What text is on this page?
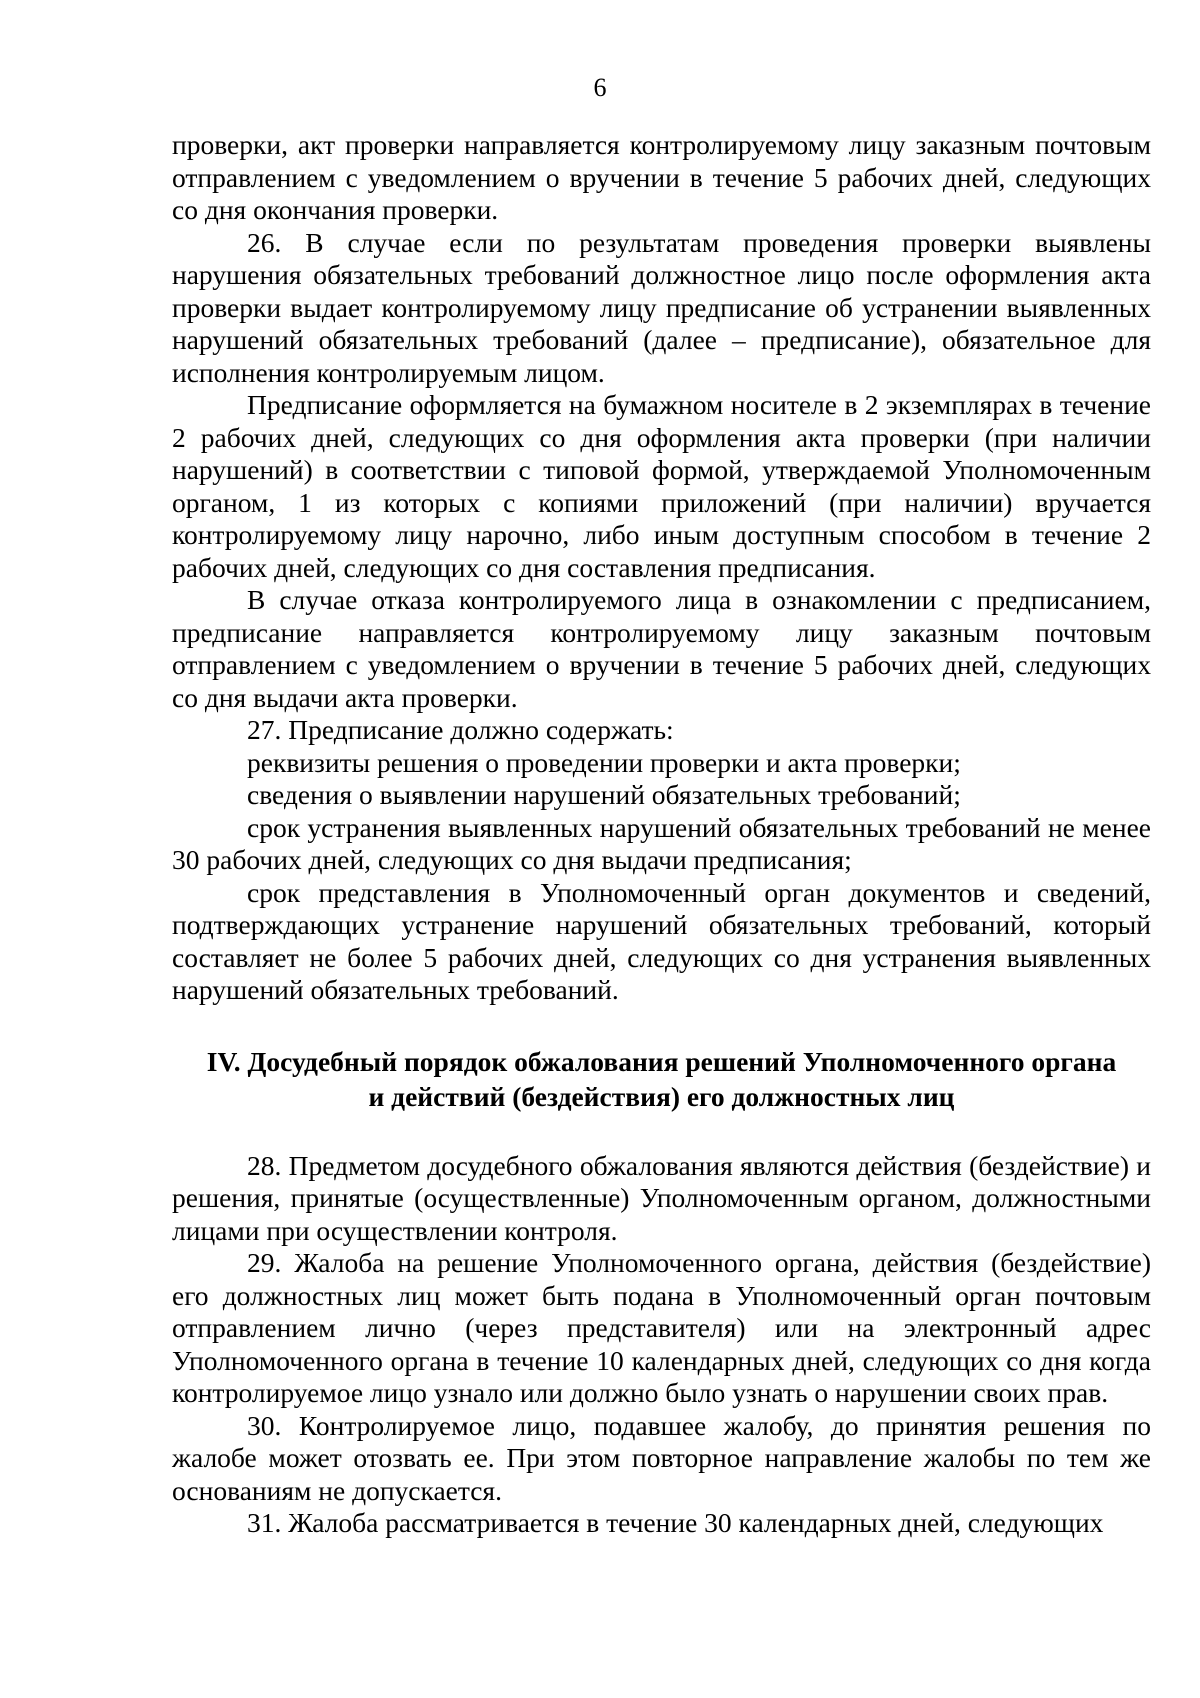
6

проверки, акт проверки направляется контролируемому лицу заказным почтовым отправлением с уведомлением о вручении в течение 5 рабочих дней, следующих со дня окончания проверки.

26. В случае если по результатам проведения проверки выявлены нарушения обязательных требований должностное лицо после оформления акта проверки выдает контролируемому лицу предписание об устранении выявленных нарушений обязательных требований (далее – предписание), обязательное для исполнения контролируемым лицом.

Предписание оформляется на бумажном носителе в 2 экземплярах в течение 2 рабочих дней, следующих со дня оформления акта проверки (при наличии нарушений) в соответствии с типовой формой, утверждаемой Уполномоченным органом, 1 из которых с копиями приложений (при наличии) вручается контролируемому лицу нарочно, либо иным доступным способом в течение 2 рабочих дней, следующих со дня составления предписания.

В случае отказа контролируемого лица в ознакомлении с предписанием, предписание направляется контролируемому лицу заказным почтовым отправлением с уведомлением о вручении в течение 5 рабочих дней, следующих со дня выдачи акта проверки.

27. Предписание должно содержать:

реквизиты решения о проведении проверки и акта проверки;

сведения о выявлении нарушений обязательных требований;

срок устранения выявленных нарушений обязательных требований не менее 30 рабочих дней, следующих со дня выдачи предписания;

срок представления в Уполномоченный орган документов и сведений, подтверждающих устранение нарушений обязательных требований, который составляет не более 5 рабочих дней, следующих со дня устранения выявленных нарушений обязательных требований.

IV. Досудебный порядок обжалования решений Уполномоченного органа
и действий (бездействия) его должностных лиц

28. Предметом досудебного обжалования являются действия (бездействие) и решения, принятые (осуществленные) Уполномоченным органом, должностными лицами при осуществлении контроля.

29. Жалоба на решение Уполномоченного органа, действия (бездействие) его должностных лиц может быть подана в Уполномоченный орган почтовым отправлением лично (через представителя) или на электронный адрес Уполномоченного органа в течение 10 календарных дней, следующих со дня когда контролируемое лицо узнало или должно было узнать о нарушении своих прав.

30. Контролируемое лицо, подавшее жалобу, до принятия решения по жалобе может отозвать ее. При этом повторное направление жалобы по тем же основаниям не допускается.

31. Жалоба рассматривается в течение 30 календарных дней, следующих
